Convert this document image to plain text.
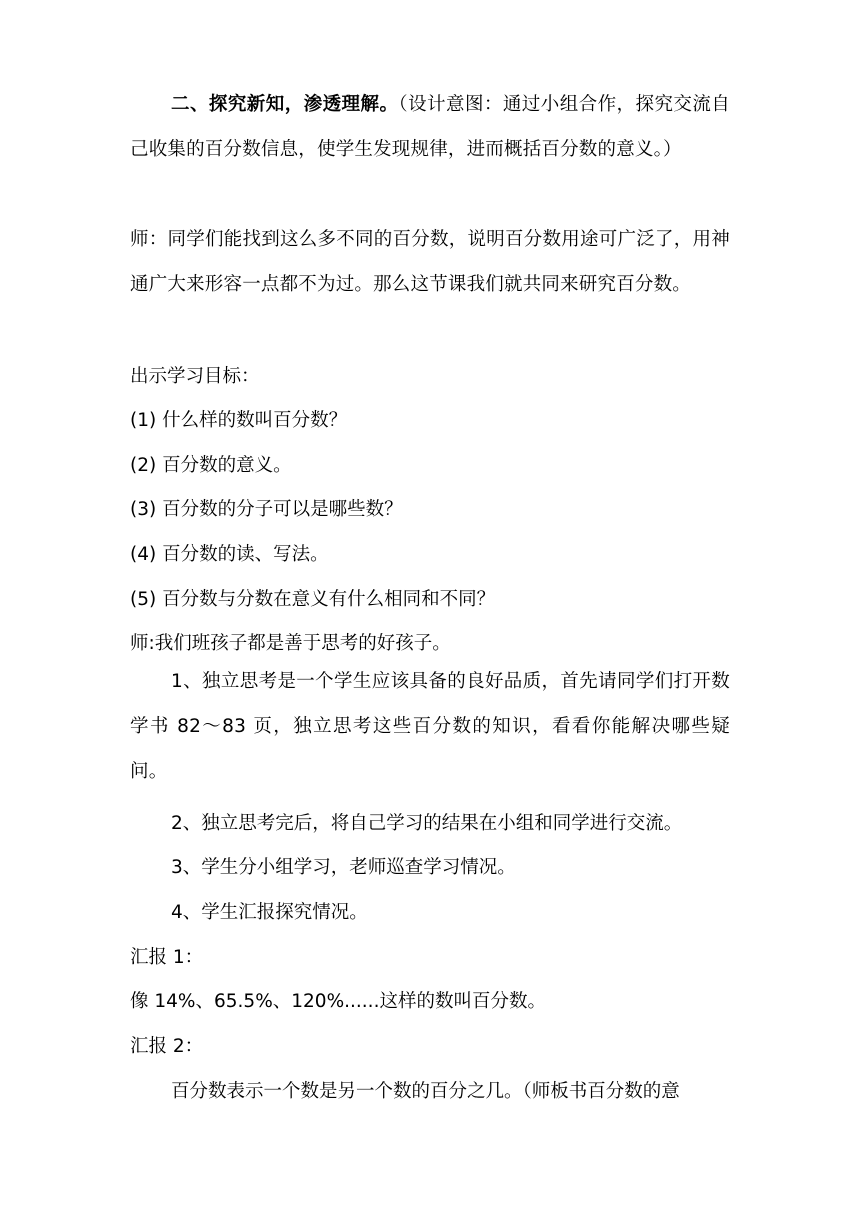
二、探究新知，渗透理解。（设计意图：通过小组合作，探究交流自己收集的百分数信息，使学生发现规律，进而概括百分数的意义。）
师：同学们能找到这么多不同的百分数，说明百分数用途可广泛了，用神通广大来形容一点都不为过。那么这节课我们就共同来研究百分数。
出示学习目标：
(1) 什么样的数叫百分数？
(2) 百分数的意义。
(3) 百分数的分子可以是哪些数？
(4) 百分数的读、写法。
(5) 百分数与分数在意义有什么相同和不同？
师:我们班孩子都是善于思考的好孩子。
1、独立思考是一个学生应该具备的良好品质，首先请同学们打开数学书 82～83 页，独立思考这些百分数的知识，看看你能解决哪些疑问。
2、独立思考完后，将自己学习的结果在小组和同学进行交流。
3、学生分小组学习，老师巡查学习情况。
4、学生汇报探究情况。
汇报 1：
像 14%、65.5%、120%......这样的数叫百分数。
汇报 2：
百分数表示一个数是另一个数的百分之几。（师板书百分数的意
